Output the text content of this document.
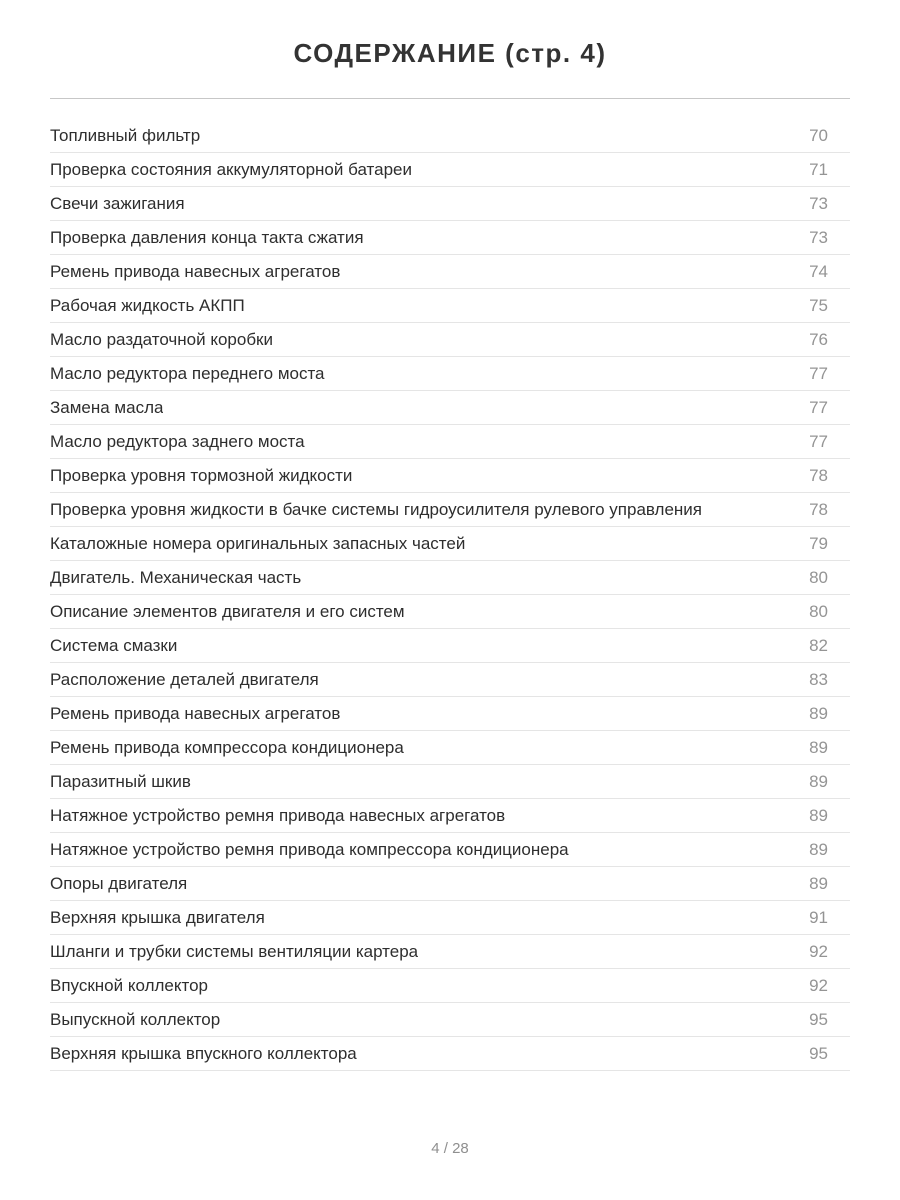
СОДЕРЖАНИЕ (стр. 4)
Топливный фильтр	70
Проверка состояния аккумуляторной батареи	71
Свечи зажигания	73
Проверка давления конца такта сжатия	73
Ремень привода навесных агрегатов	74
Рабочая жидкость АКПП	75
Масло раздаточной коробки	76
Масло редуктора переднего моста	77
Замена масла	77
Масло редуктора заднего моста	77
Проверка уровня тормозной жидкости	78
Проверка уровня жидкости в бачке системы гидроусилителя рулевого управления	78
Каталожные номера оригинальных запасных частей	79
Двигатель. Механическая часть	80
Описание элементов двигателя и его систем	80
Система смазки	82
Расположение деталей двигателя	83
Ремень привода навесных агрегатов	89
Ремень привода компрессора кондиционера	89
Паразитный шкив	89
Натяжное устройство ремня привода навесных агрегатов	89
Натяжное устройство ремня привода компрессора кондиционера	89
Опоры двигателя	89
Верхняя крышка двигателя	91
Шланги и трубки системы вентиляции картера	92
Впускной коллектор	92
Выпускной коллектор	95
Верхняя крышка впускного коллектора	95
4 / 28
